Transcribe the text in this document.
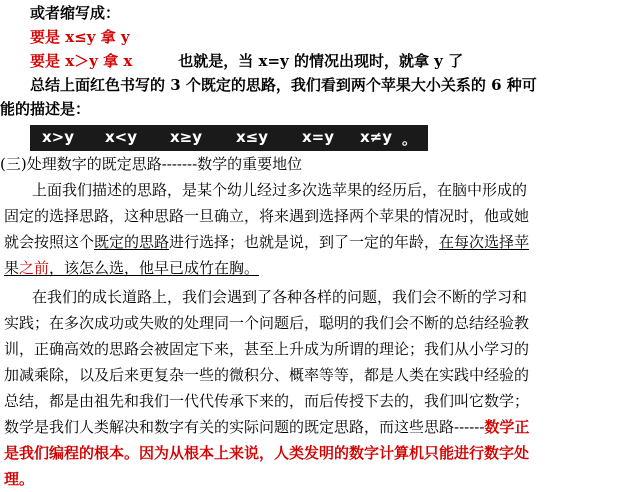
或者缩写成：
要是 x≤y 拿 y
要是 x＞y 拿 x	也就是，当 x=y 的情况出现时，就拿 y 了
总结上面红色书写的 3 个既定的思路，我们看到两个苹果大小关系的 6 种可
能的描述是：
x>y x<y x≥y x≤y x=y x≠y 。
(三)处理数字的既定思路-------数学的重要地位

上面我们描述的思路，是某个幼儿经过多次选苹果的经历后，在脑中形成的

固定的选择思路，这种思路一旦确立，将来遇到选择两个苹果的情况时，他或她

就会按照这个既定的思路进行选择；也就是说，到了一定的年龄，在每次选择苹

果之前，该怎么选，他早已成竹在胸。

在我们的成长道路上，我们会遇到了各种各样的问题，我们会不断的学习和

实践；在多次成功或失败的处理同一个问题后，聪明的我们会不断的总结经验教

训，正确高效的思路会被固定下来，甚至上升成为所谓的理论；我们从小学习的

加减乘除，以及后来更复杂一些的微积分、概率等等，都是人类在实践中经验的

总结，都是由祖先和我们一代代传承下来的，而后传授下去的，我们叫它数学；

数学是我们人类解决和数字有关的实际问题的既定思路，而这些思路------数学正

是我们编程的根本。因为从根本上来说，人类发明的数字计算机只能进行数字处

理。
